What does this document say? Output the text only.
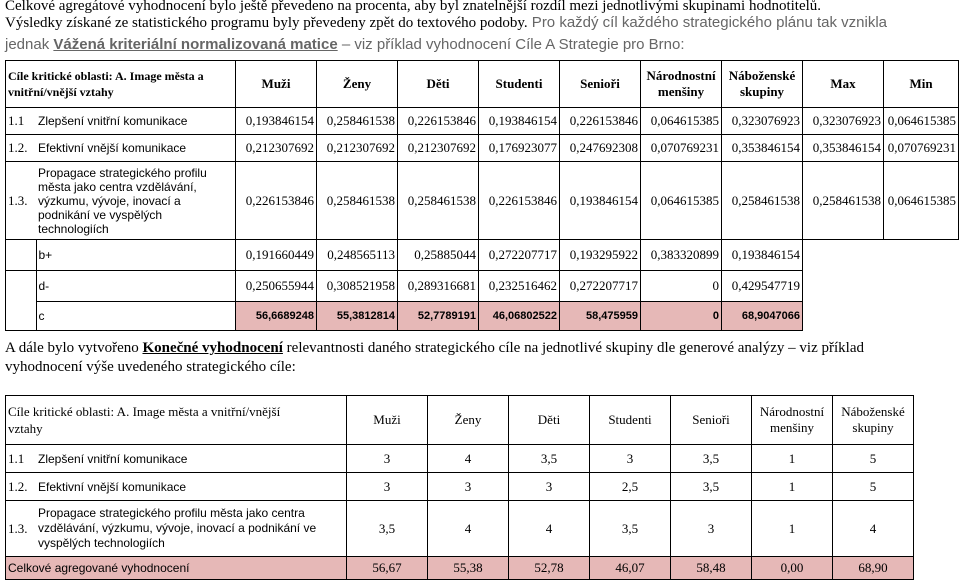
Celkové agregátové vyhodnocení bylo ještě převedeno na procenta, aby byl znatelnější rozdíl mezi jednotlivými skupinami hodnotitelů.
Výsledky získané ze statistického programu byly převedeny zpět do textového podoby. Pro každý cíl každého strategického plánu tak vznikla
jednak Vážená kriteriální normalizovaná matice – viz příklad vyhodnocení Cíle A Strategie pro Brno:
Cíle kritické oblasti: A. Image města a
vnitřní/vnější vztahy		Muži	Ženy	Děti	Studenti	Senioři	Národnostní
menšiny	Náboženské
skupiny	Max	Min
1.1	Zlepšení vnitřní komunikace	0,193846154	0,258461538	0,226153846	0,193846154	0,226153846	0,064615385	0,323076923	0,323076923	0,064615385
1.2.	Efektivní vnější komunikace	0,212307692	0,212307692	0,212307692	0,176923077	0,247692308	0,070769231	0,353846154	0,353846154	0,070769231
1.3.	Propagace strategického profilu
města jako centra vzdělávání,
výzkumu, vývoje, inovací a
podnikání ve vyspělých
technologiích	0,226153846	0,258461538	0,258461538	0,226153846	0,193846154	0,064615385	0,258461538	0,258461538	0,064615385
	b+	0,191660449	0,248565113	0,25885044	0,272207717	0,193295922	0,383320899	0,193846154		
	d-	0,250655944	0,308521958	0,289316681	0,232516462	0,272207717	0	0,429547719		
	c	56,6689248	55,3812814	52,7789191	46,06802522	58,475959	0	68,9047066		
A dále bylo vytvořeno Konečné vyhodnocení relevantnosti daného strategického cíle na jednotlivé skupiny dle generové analýzy – viz příklad
vyhodnocení výše uvedeného strategického cíle:
Cíle kritické oblasti: A. Image města a vnitřní/vnější
vztahy		Muži	Ženy	Děti	Studenti	Senioři	Národnostní
menšiny	Náboženské
skupiny
1.1	Zlepšení vnitřní komunikace	3	4	3,5	3	3,5	1	5
1.2.	Efektivní vnější komunikace	3	3	3	2,5	3,5	1	5
1.3.	Propagace strategického profilu města jako centra
vzdělávání, výzkumu, vývoje, inovací a podnikání ve
vyspělých technologiích	3,5	4	4	3,5	3	1	4
Celkové agregované vyhodnocení		56,67	55,38	52,78	46,07	58,48	0,00	68,90
